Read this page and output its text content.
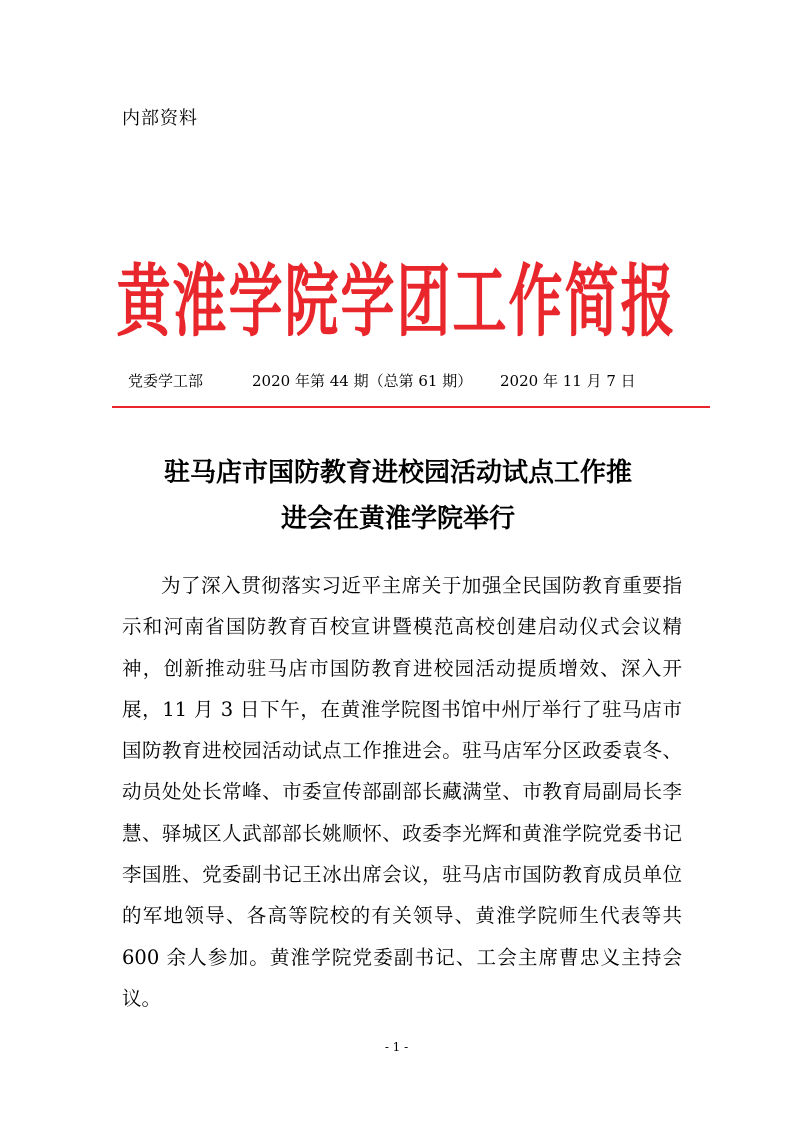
内部资料
黄淮学院学团工作简报
党委学工部	2020 年第 44 期（总第 61 期）	2020 年 11 月 7 日
驻马店市国防教育进校园活动试点工作推
进会在黄淮学院举行

为了深入贯彻落实习近平主席关于加强全民国防教育重要指示和河南省国防教育百校宣讲暨模范高校创建启动仪式会议精神，创新推动驻马店市国防教育进校园活动提质增效、深入开展，11 月 3 日下午，在黄淮学院图书馆中州厅举行了驻马店市国防教育进校园活动试点工作推进会。驻马店军分区政委袁冬、动员处处长常峰、市委宣传部副部长藏满堂、市教育局副局长李慧、驿城区人武部部长姚顺怀、政委李光辉和黄淮学院党委书记李国胜、党委副书记王冰出席会议，驻马店市国防教育成员单位的军地领导、各高等院校的有关领导、黄淮学院师生代表等共 600 余人参加。黄淮学院党委副书记、工会主席曹忠义主持会议。

- 1 -
